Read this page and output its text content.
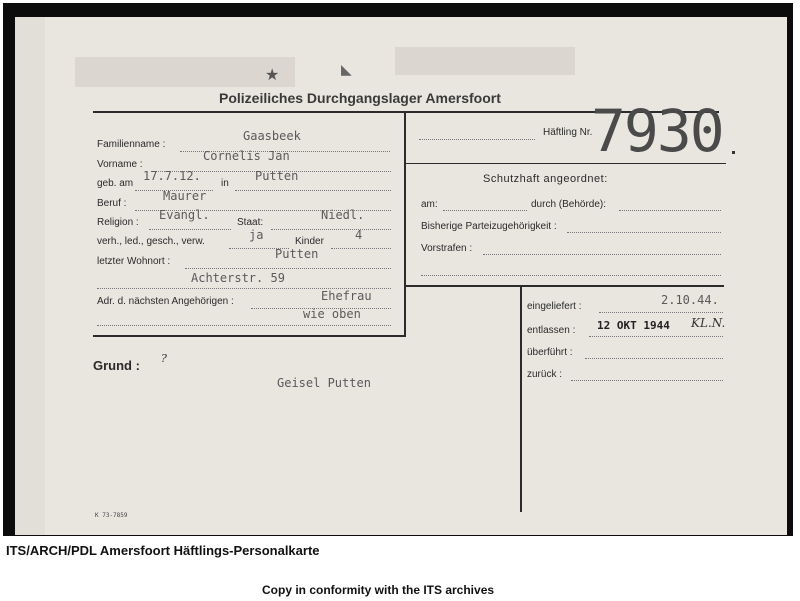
★	◣
Polizeiliches Durchgangslager Amersfoort
Familienname :
Gaasbeek
Vorname :
Cornelis Jan
geb. am
17.7.12.
in
Putten
Beruf :
Maurer
Religion :
Evangl.
Staat:
Niedl.
verh., led., gesch., verw.	ja	Kinder	4
letzter Wohnort :
Putten
Achterstr. 59
Adr. d. nächsten Angehörigen :	Ehefrau
wie oben
Häftling Nr.
7930
Schutzhaft angeordnet:
am:	durch (Behörde):
Bisherige Parteizugehörigkeit :
Vorstrafen :
Grund : ?
Geisel Putten
eingeliefert :	2.10.44.
entlassen : 12 OKT 1944 KL.N.
überführt :
zurück :
K 73-7859
ITS/ARCH/PDL Amersfoort Häftlings-Personalkarte
Copy in conformity with the ITS archives
